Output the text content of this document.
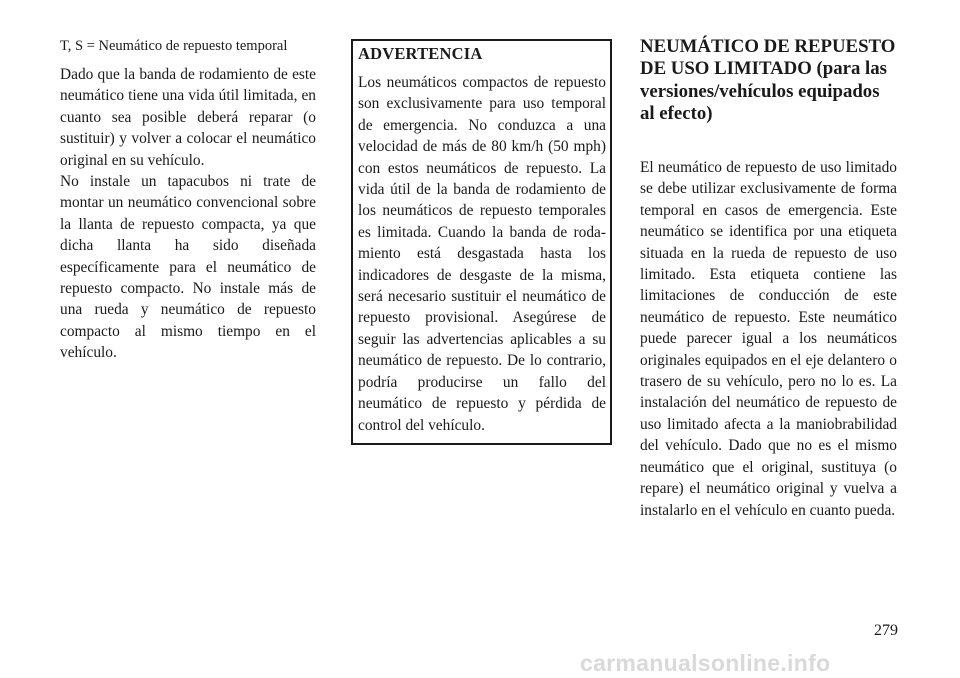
T, S = Neumático de repuesto temporal

Dado que la banda de rodamiento de este neumático tiene una vida útil limitada, en cuanto sea posible deberá reparar (o sustituir) y volver a colocar el neumático original en su vehículo.

No instale un tapacubos ni trate de montar un neumático convencional sobre la llanta de repuesto compacta, ya que dicha llanta ha sido diseñada específicamente para el neumático de repuesto compacto. No instale más de una rueda y neumático de repuesto compacto al mismo tiempo en el vehículo.

ADVERTENCIA

Los neumáticos compactos de repuesto son exclusivamente para uso temporal de emergencia. No conduzca a una velocidad de más de 80 km/h (50 mph) con estos neumáticos de repuesto. La vida útil de la banda de rodamiento de los neumáticos de repuesto temporales es limitada. Cuando la banda de rodamiento está desgastada hasta los indicadores de desgaste de la misma, será necesario sustituir el neumático de repuesto provisional. Asegúrese de seguir las advertencias aplicables a su neumático de repuesto. De lo contrario, podría producirse un fallo del neumático de repuesto y pérdida de control del vehículo.

NEUMÁTICO DE REPUESTO DE USO LIMITADO (para las versiones/vehículos equipados al efecto)

El neumático de repuesto de uso limitado se debe utilizar exclusivamente de forma temporal en casos de emergencia. Este neumático se identifica por una etiqueta situada en la rueda de repuesto de uso limitado. Esta etiqueta contiene las limitaciones de conducción de este neumático de repuesto. Este neumático puede parecer igual a los neumáticos originales equipados en el eje delantero o trasero de su vehículo, pero no lo es. La instalación del neumático de repuesto de uso limitado afecta a la maniobrabilidad del vehículo. Dado que no es el mismo neumático que el original, sustituya (o repare) el neumático original y vuelva a instalarlo en el vehículo en cuanto pueda.

279

carmanualsonline.info
